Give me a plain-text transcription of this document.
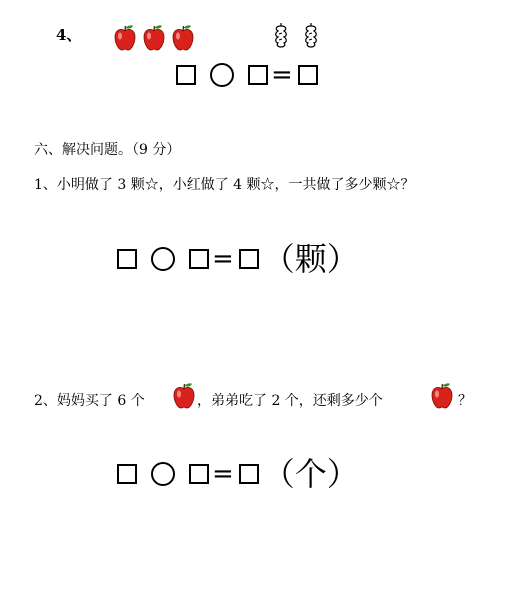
4、
=
六、解决问题。（9 分）
1、小明做了 3 颗☆，小红做了 4 颗☆，一共做了多少颗☆？
= （颗）
2、妈妈买了 6 个	，弟弟吃了 2 个，还剩多少个	？
= （个）
